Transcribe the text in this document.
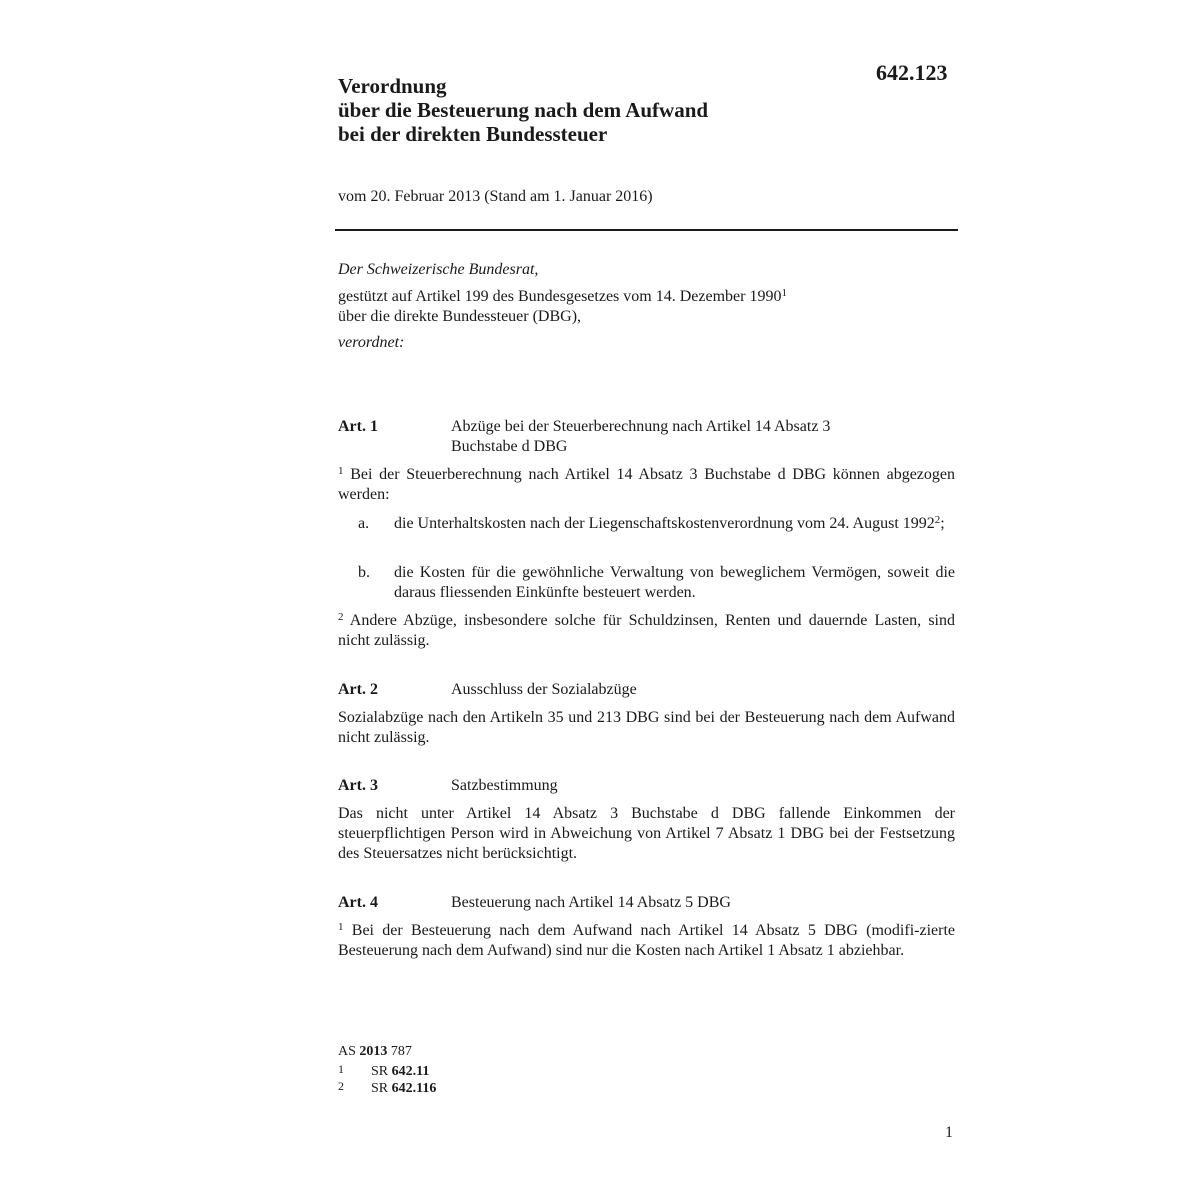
642.123
Verordnung
über die Besteuerung nach dem Aufwand
bei der direkten Bundessteuer
vom 20. Februar 2013 (Stand am 1. Januar 2016)
Der Schweizerische Bundesrat,
gestützt auf Artikel 199 des Bundesgesetzes vom 14. Dezember 1990$^1$
über die direkte Bundessteuer (DBG),
verordnet:
Art. 1	Abzüge bei der Steuerberechnung nach Artikel 14 Absatz 3
Buchstabe d DBG
$^1$ Bei der Steuerberechnung nach Artikel 14 Absatz 3 Buchstabe d DBG können abgezogen werden:
a. die Unterhaltskosten nach der Liegenschaftskostenverordnung vom 24. August 1992$^2$;
b. die Kosten für die gewöhnliche Verwaltung von beweglichem Vermögen, soweit die daraus fliessenden Einkünfte besteuert werden.
$^2$ Andere Abzüge, insbesondere solche für Schuldzinsen, Renten und dauernde Lasten, sind nicht zulässig.
Art. 2	Ausschluss der Sozialabzüge
Sozialabzüge nach den Artikeln 35 und 213 DBG sind bei der Besteuerung nach dem Aufwand nicht zulässig.
Art. 3	Satzbestimmung
Das nicht unter Artikel 14 Absatz 3 Buchstabe d DBG fallende Einkommen der steuerpflichtigen Person wird in Abweichung von Artikel 7 Absatz 1 DBG bei der Festsetzung des Steuersatzes nicht berücksichtigt.
Art. 4	Besteuerung nach Artikel 14 Absatz 5 DBG
$^1$ Bei der Besteuerung nach dem Aufwand nach Artikel 14 Absatz 5 DBG (modifi-zierte Besteuerung nach dem Aufwand) sind nur die Kosten nach Artikel 1 Absatz 1 abziehbar.
AS 2013 787
1 SR 642.11
2 SR 642.116
1
